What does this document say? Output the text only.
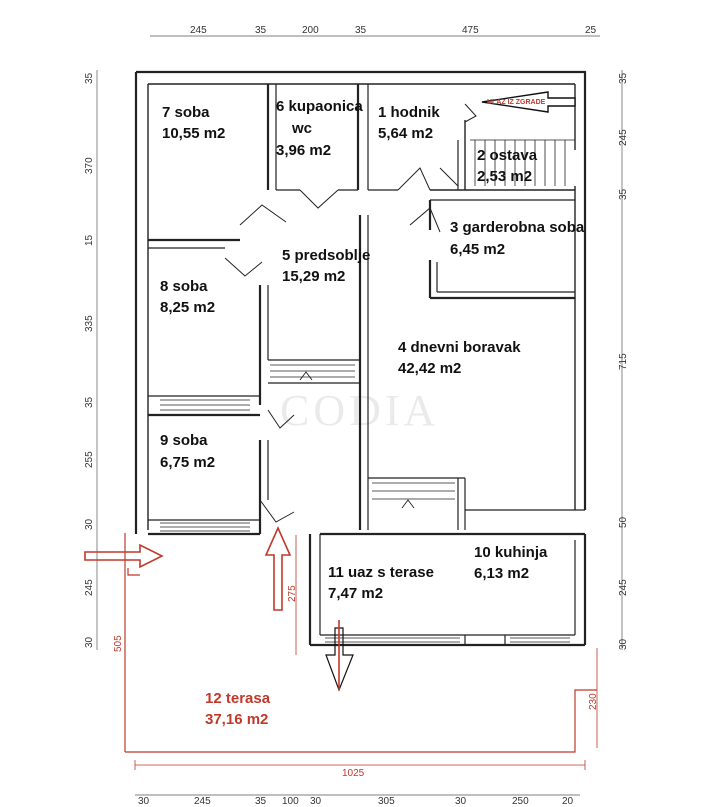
CODIA
245	35	200	35	475	25
30	245	35 100 30	305	30	250	20
35
370
15
335
35
255
30
245
30
35
245
35
715
50
245
30
1025
505
230
275
ULAZ IZ ZGRADE
7 soba
10,55 m2
6 kupaonica
wc
3,96 m2
1 hodnik
5,64 m2
2 ostava
2,53 m2
3 garderobna soba
6,45 m2
5 predsoblje
15,29 m2
8 soba
8,25 m2
4 dnevni boravak
42,42 m2
9 soba
6,75 m2
10 kuhinja
6,13 m2
11 uaz s terase
7,47 m2
12 terasa
37,16 m2
